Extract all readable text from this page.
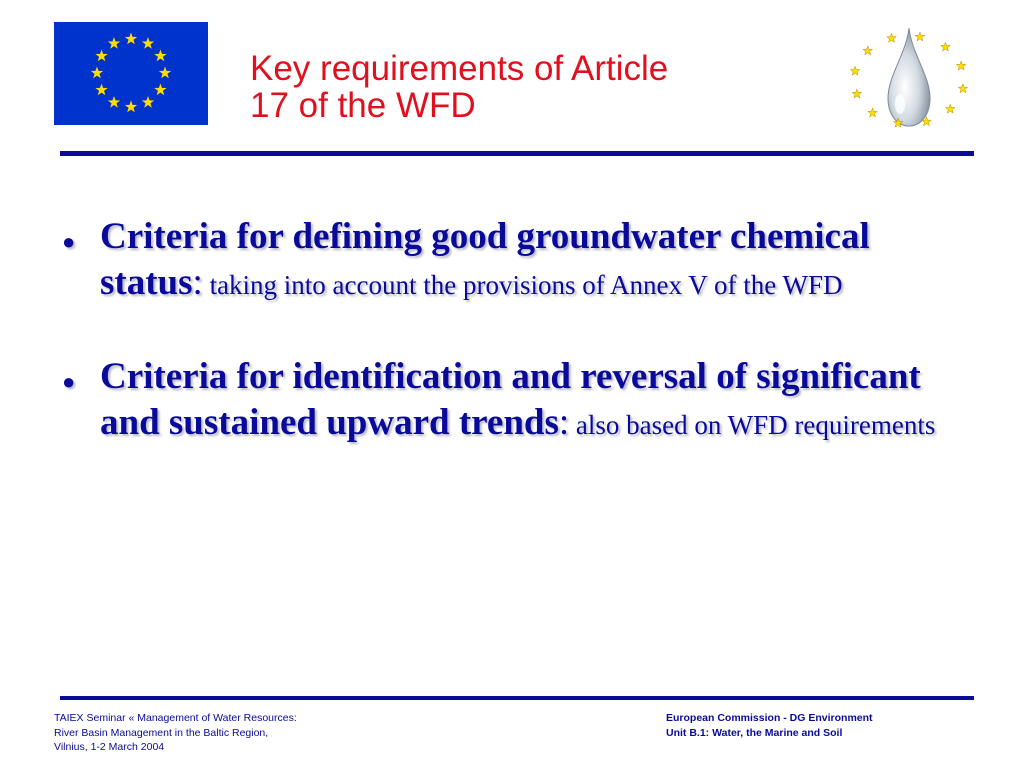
Key requirements of Article
17 of the WFD
● Criteria for defining good groundwater chemical status: taking into account the provisions of Annex V of the WFD
● Criteria for identification and reversal of significant and sustained upward trends: also based on WFD requirements
TAIEX Seminar « Management of Water Resources:
River Basin Management in the Baltic Region,
Vilnius, 1-2 March 2004
European Commission - DG Environment
Unit B.1: Water, the Marine and Soil
